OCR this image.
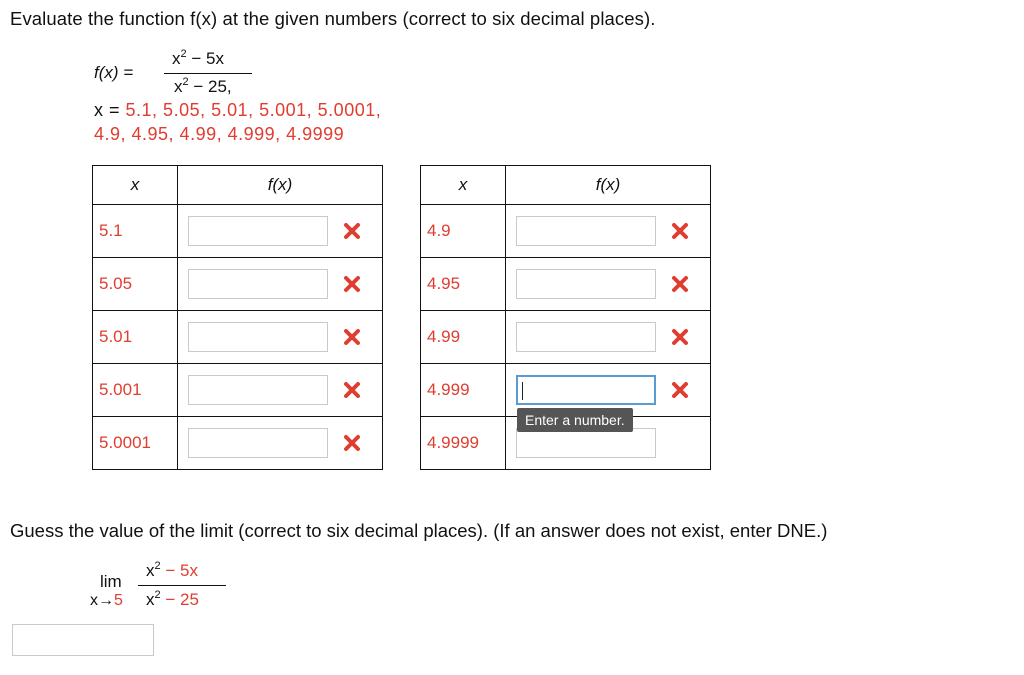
Evaluate the function f(x) at the given numbers (correct to six decimal places).
f(x) =
$x^2 - 5x$
$x^2 - 25$,
x = 5.1, 5.05, 5.01, 5.001, 5.0001,
4.9, 4.95, 4.99, 4.999, 4.9999
x	f(x)
5.1	

5.05	

5.01	

5.001	

5.0001	
x	f(x)
4.9	

4.95	

4.99	

4.999	

4.9999	
Enter a number.
Guess the value of the limit (correct to six decimal places). (If an answer does not exist, enter DNE.)
lim
x→5
$x^2 - 5x$
$x^2 - 25$
